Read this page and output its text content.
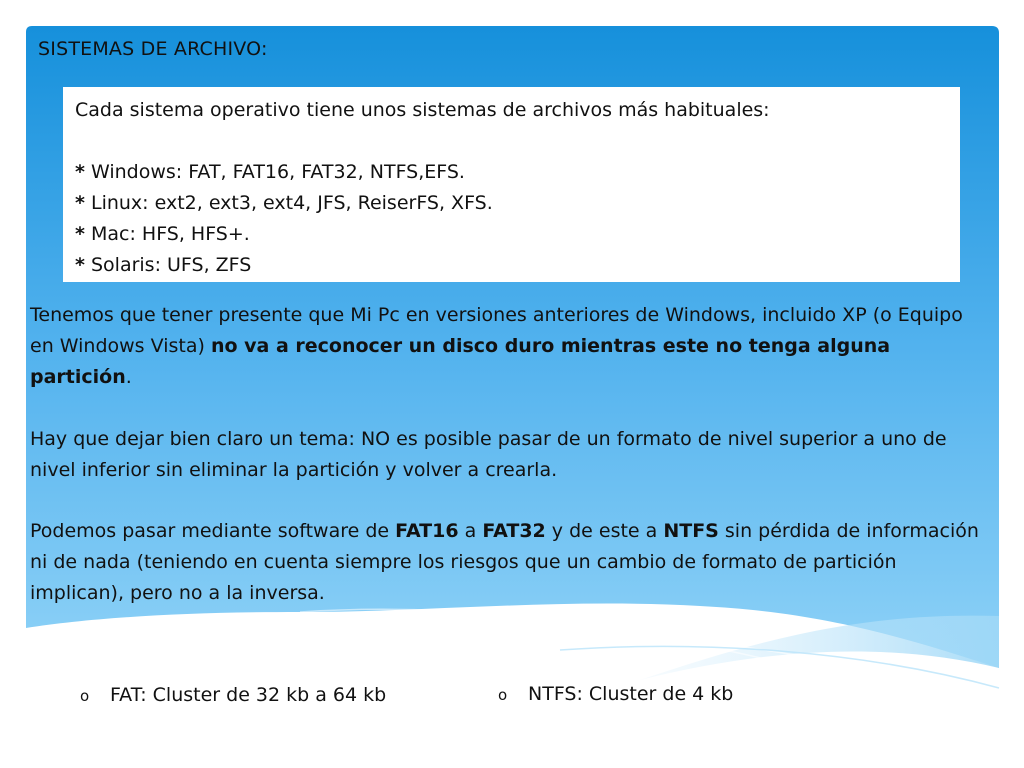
SISTEMAS DE ARCHIVO:

Cada sistema operativo tiene unos sistemas de archivos más habituales:

* Windows: FAT, FAT16, FAT32, NTFS,EFS.

* Linux: ext2, ext3, ext4, JFS, ReiserFS, XFS.

* Mac: HFS, HFS+.

* Solaris: UFS, ZFS

Tenemos que tener presente que Mi Pc en versiones anteriores de Windows, incluido XP (o Equipo en Windows Vista) no va a reconocer un disco duro mientras este no tenga alguna partición.

Hay que dejar bien claro un tema: NO es posible pasar de un formato de nivel superior a uno de nivel inferior sin eliminar la partición y volver a crearla.

Podemos pasar mediante software de FAT16 a FAT32 y de este a NTFS sin pérdida de información ni de nada (teniendo en cuenta siempre los riesgos que un cambio de formato de partición implican), pero no a la inversa.

o FAT: Cluster de 32 kb a 64 kb	o NTFS: Cluster de 4 kb
